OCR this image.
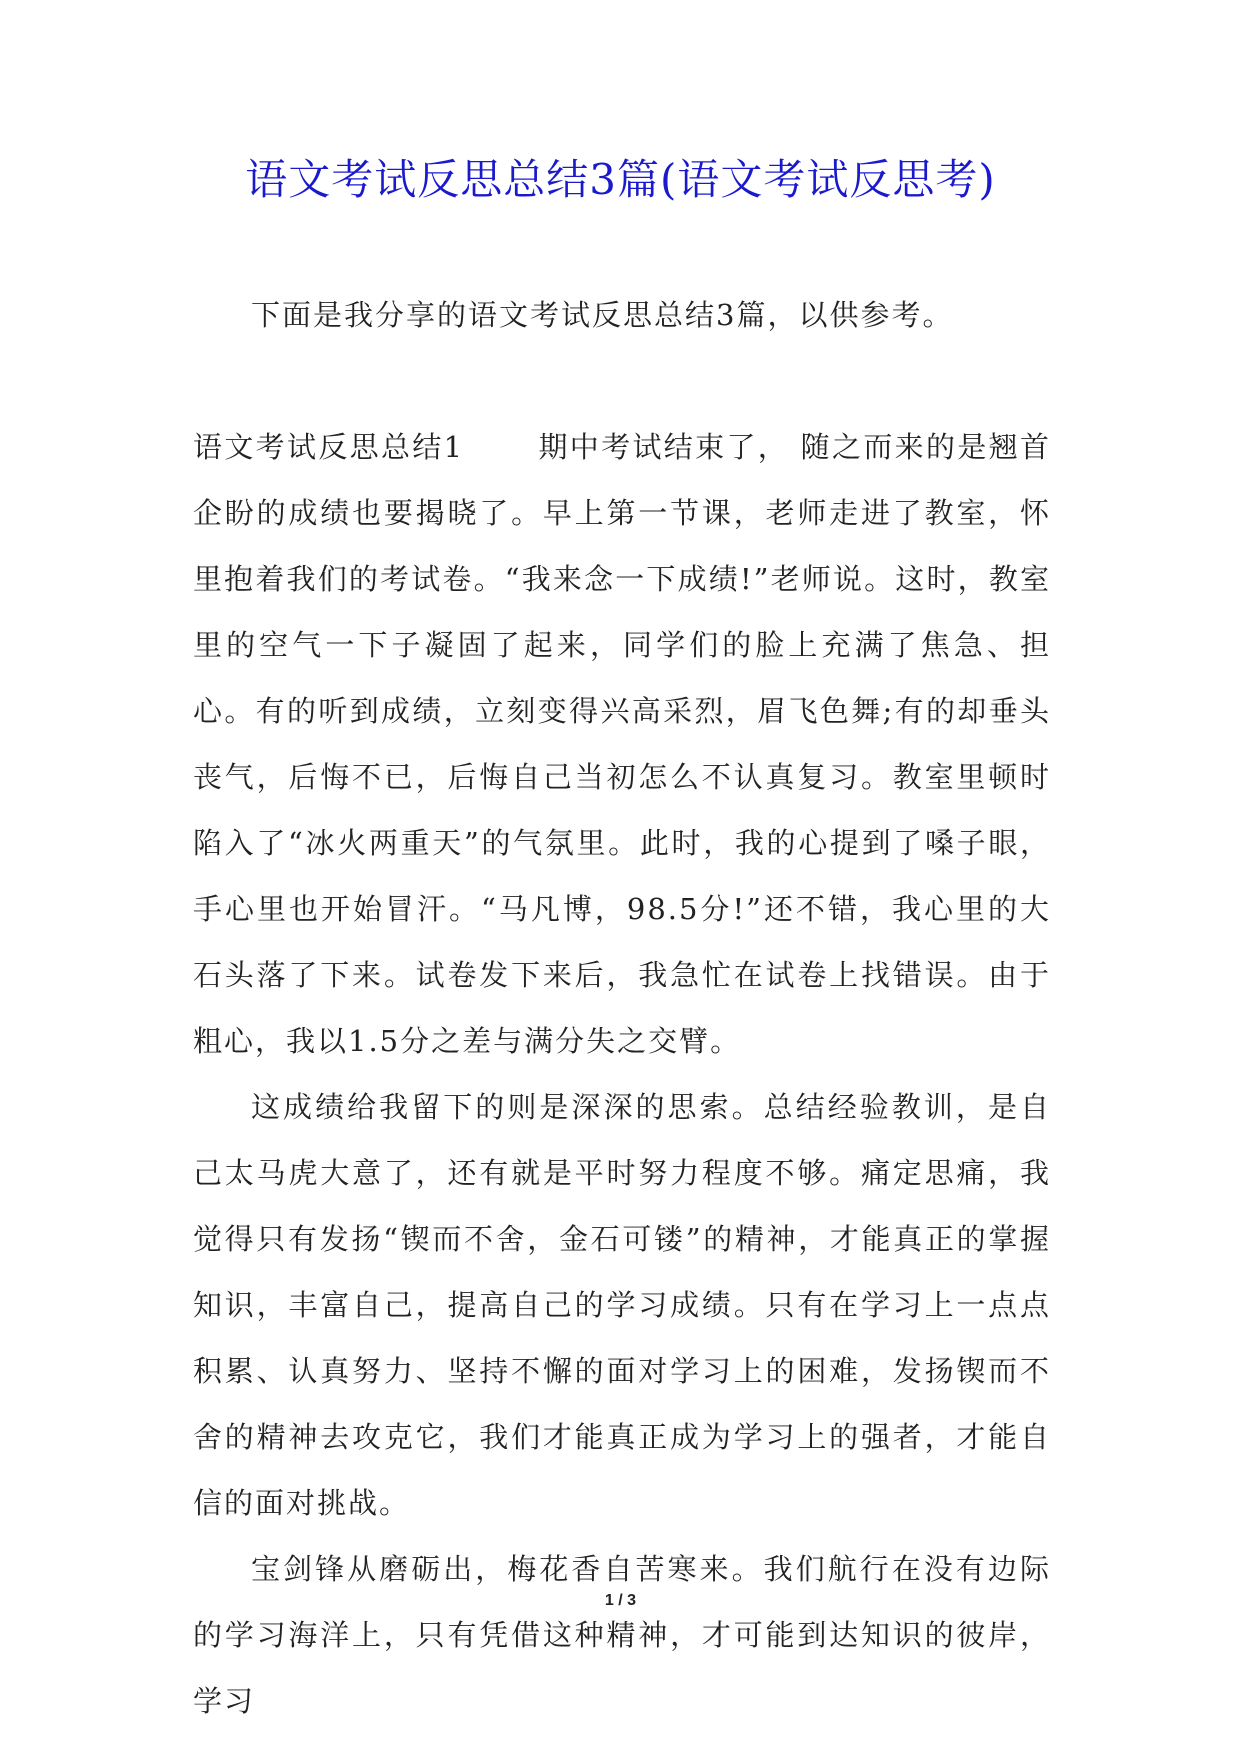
语文考试反思总结3篇(语文考试反思考)
下面是我分享的语文考试反思总结3篇，以供参考。

语文考试反思总结1	期中考试结束了， 随之而来的是翘首企盼的成绩也要揭晓了。早上第一节课，老师走进了教室，怀里抱着我们的考试卷。“我来念一下成绩!”老师说。这时，教室里的空气一下子凝固了起来，同学们的脸上充满了焦急、担心。有的听到成绩，立刻变得兴高采烈，眉飞色舞;有的却垂头丧气，后悔不已，后悔自己当初怎么不认真复习。教室里顿时陷入了“冰火两重天”的气氛里。此时，我的心提到了嗓子眼，手心里也开始冒汗。“马凡博，98.5分!”还不错，我心里的大石头落了下来。试卷发下来后，我急忙在试卷上找错误。由于粗心，我以1.5分之差与满分失之交臂。

这成绩给我留下的则是深深的思索。总结经验教训，是自己太马虎大意了，还有就是平时努力程度不够。痛定思痛，我觉得只有发扬“锲而不舍，金石可镂”的精神，才能真正的掌握知识，丰富自己，提高自己的学习成绩。只有在学习上一点点积累、认真努力、坚持不懈的面对学习上的困难，发扬锲而不舍的精神去攻克它，我们才能真正成为学习上的强者，才能自信的面对挑战。

宝剑锋从磨砺出，梅花香自苦寒来。我们航行在没有边际的学习海洋上，只有凭借这种精神，才可能到达知识的彼岸，学习

1 / 3
